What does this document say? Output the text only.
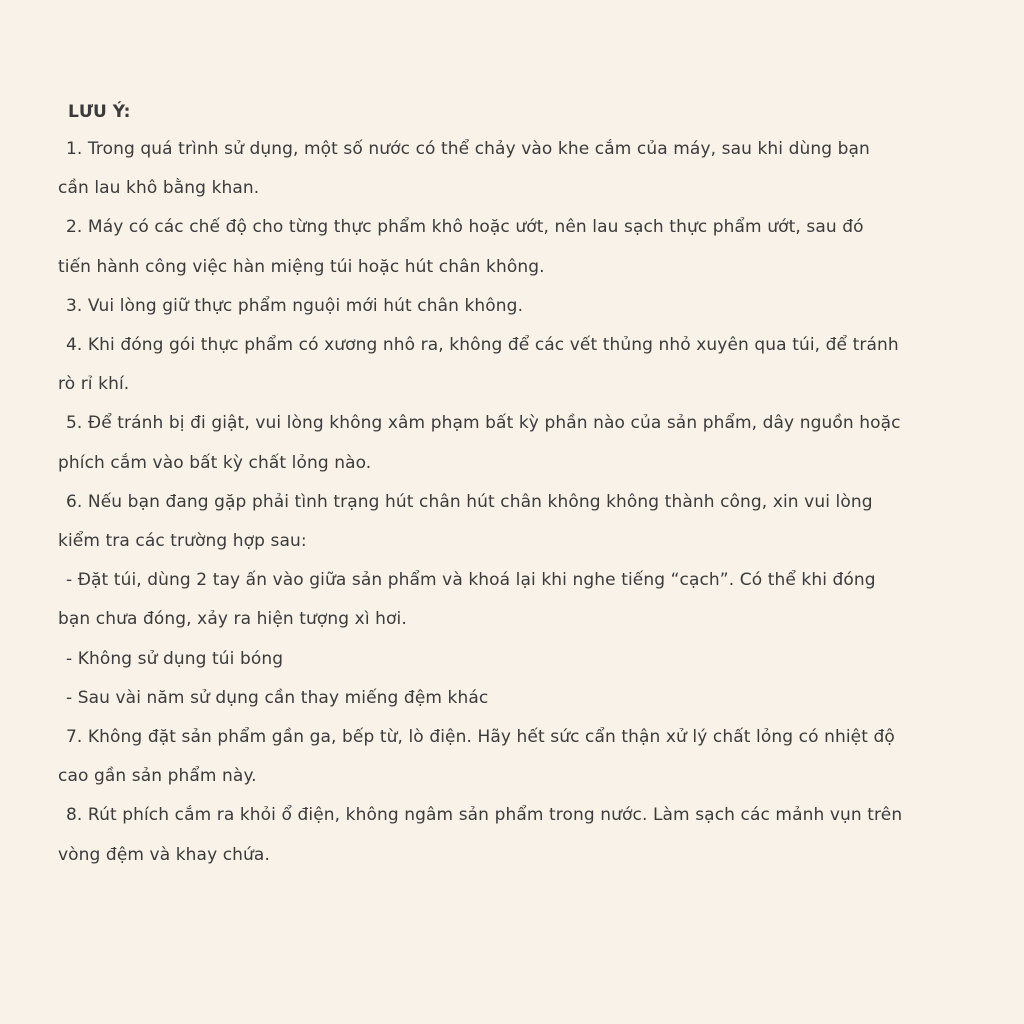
LƯU Ý:
1. Trong quá trình sử dụng, một số nước có thể chảy vào khe cắm của máy, sau khi dùng bạn
cần lau khô bằng khan.
2. Máy có các chế độ cho từng thực phẩm khô hoặc ướt, nên lau sạch thực phẩm ướt, sau đó
tiến hành công việc hàn miệng túi hoặc hút chân không.
3. Vui lòng giữ thực phẩm nguội mới hút chân không.
4. Khi đóng gói thực phẩm có xương nhô ra, không để các vết thủng nhỏ xuyên qua túi, để tránh
rò rỉ khí.
5. Để tránh bị đi giật, vui lòng không xâm phạm bất kỳ phần nào của sản phẩm, dây nguồn hoặc
phích cắm vào bất kỳ chất lỏng nào.
6. Nếu bạn đang gặp phải tình trạng hút chân hút chân không không thành công, xin vui lòng
kiểm tra các trường hợp sau:
- Đặt túi, dùng 2 tay ấn vào giữa sản phẩm và khoá lại khi nghe tiếng “cạch”. Có thể khi đóng
bạn chưa đóng, xảy ra hiện tượng xì hơi.
- Không sử dụng túi bóng
- Sau vài năm sử dụng cần thay miếng đệm khác
7. Không đặt sản phẩm gần ga, bếp từ, lò điện. Hãy hết sức cẩn thận xử lý chất lỏng có nhiệt độ
cao gần sản phẩm này.
8. Rút phích cắm ra khỏi ổ điện, không ngâm sản phẩm trong nước. Làm sạch các mảnh vụn trên
vòng đệm và khay chứa.
